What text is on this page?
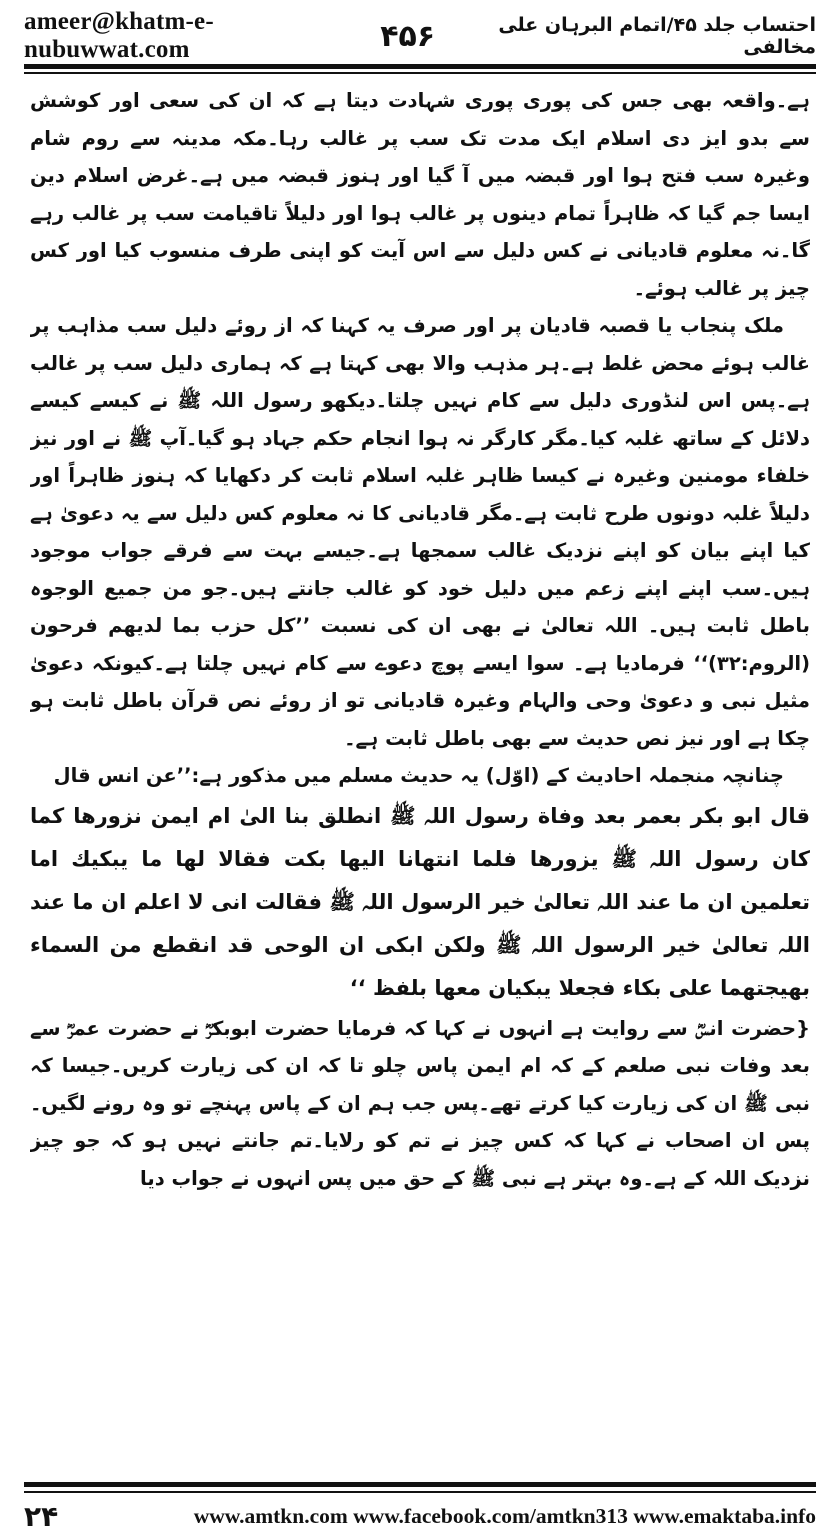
ameer@khatm-e-nubuwwat.com	۴۵۶	احتساب جلد ۴۵/اتمام البرہان علی مخالفی

ہے۔واقعہ بھی جس کی پوری پوری شہادت دیتا ہے کہ ان کی سعی اور کوشش سے بدو ایز دی اسلام ایک مدت تک سب پر غالب رہا۔مکہ مدینہ سے روم شام وغیرہ سب فتح ہوا اور قبضہ میں آ گیا اور ہنوز قبضہ میں ہے۔غرض اسلام دین ایسا جم گیا کہ ظاہراً تمام دینوں پر غالب ہوا اور دلیلاً تاقیامت سب پر غالب رہے گا۔نہ معلوم قادیانی نے کس دلیل سے اس آیت کو اپنی طرف منسوب کیا اور کس چیز پر غالب ہوئے۔

ملک پنجاب یا قصبہ قادیان پر اور صرف یہ کہنا کہ از روئے دلیل سب مذاہب پر غالب ہوئے محض غلط ہے۔ہر مذہب والا بھی کہتا ہے کہ ہماری دلیل سب پر غالب ہے۔پس اس لنڈوری دلیل سے کام نہیں چلتا۔دیکھو رسول اللہ ﷺ نے کیسے کیسے دلائل کے ساتھ غلبہ کیا۔مگر کارگر نہ ہوا انجام حکم جہاد ہو گیا۔آپ ﷺ نے اور نیز خلفاء مومنین وغیرہ نے کیسا ظاہر غلبہ اسلام ثابت کر دکھایا کہ ہنوز ظاہراً اور دلیلاً غلبہ دونوں طرح ثابت ہے۔مگر قادیانی کا نہ معلوم کس دلیل سے یہ دعویٰ ہے کیا اپنے بیان کو اپنے نزدیک غالب سمجھا ہے۔جیسے بہت سے فرقے جواب موجود ہیں۔سب اپنے اپنے زعم میں دلیل خود کو غالب جانتے ہیں۔جو من جمیع الوجوہ باطل ثابت ہیں۔ اللہ تعالیٰ نے بھی ان کی نسبت ’’کل حزب بما لدیھم فرحون (الروم:۳۲)‘‘ فرمادیا ہے۔ سوا ایسے پوچ دعوے سے کام نہیں چلتا ہے۔کیونکہ دعویٰ مثیل نبی و دعویٰ وحی والہام وغیرہ قادیانی تو از روئے نص قرآن باطل ثابت ہو چکا ہے اور نیز نص حدیث سے بھی باطل ثابت ہے۔

چنانچہ منجملہ احادیث کے (اوّل) یہ حدیث مسلم میں مذکور ہے:’’عن انس قال

قال ابو بکر بعمر بعد وفاة رسول اللہ ﷺ انطلق بنا الیٰ ام ایمن نزورھا کما کان رسول اللہ ﷺ یزورھا فلما انتھانا الیھا بکت فقالا لھا ما یبکیك اما تعلمین ان ما عند اللہ تعالیٰ خیر الرسول اللہ ﷺ فقالت انی لا اعلم ان ما عند اللہ تعالیٰ خیر الرسول اللہ ﷺ ولکن ابکی ان الوحی قد انقطع من السماء بھیجتھما علی بکاء فجعلا یبکیان معھا بلفظ ‘‘

{حضرت انسؓ سے روایت ہے انہوں نے کہا کہ فرمایا حضرت ابوبکرؓ نے حضرت عمرؓ سے بعد وفات نبی صلعم کے کہ ام ایمن پاس چلو تا کہ ان کی زیارت کریں۔جیسا کہ نبی ﷺ ان کی زیارت کیا کرتے تھے۔پس جب ہم ان کے پاس پہنچے تو وہ رونے لگیں۔پس ان اصحاب نے کہا کہ کس چیز نے تم کو رلایا۔تم جانتے نہیں ہو کہ جو چیز نزدیک اللہ کے ہے۔وہ بہتر ہے نبی ﷺ کے حق میں پس انہوں نے جواب دیا

۲۴	www.amtkn.com www.facebook.com/amtkn313 www.emaktaba.info
